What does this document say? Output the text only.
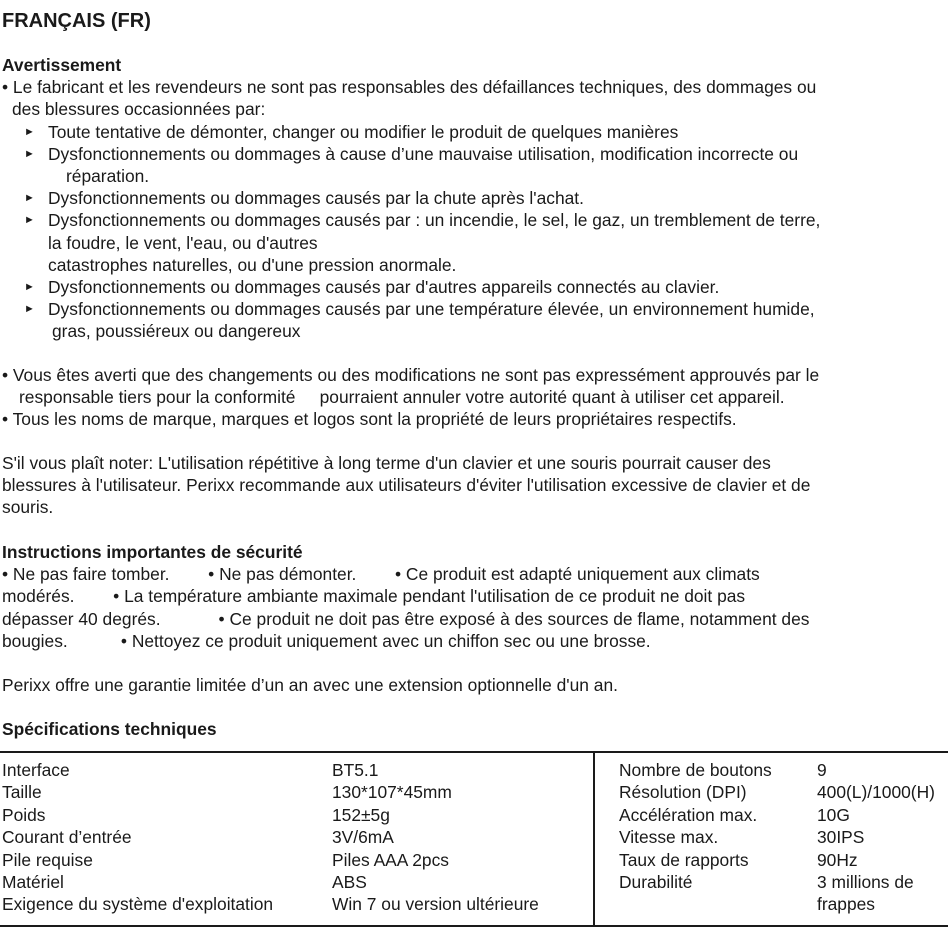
FRANÇAIS (FR)
Avertissement
• Le fabricant et les revendeurs ne sont pas responsables des défaillances techniques, des dommages ou
des blessures occasionnées par:
► Toute tentative de démonter, changer ou modifier le produit de quelques manières
► Dysfonctionnements ou dommages à cause d’une mauvaise utilisation, modification incorrecte ou
réparation.
► Dysfonctionnements ou dommages causés par la chute après l'achat.
► Dysfonctionnements ou dommages causés par : un incendie, le sel, le gaz, un tremblement de terre,
la foudre, le vent, l'eau, ou d'autres
catastrophes naturelles, ou d'une pression anormale.
► Dysfonctionnements ou dommages causés par d'autres appareils connectés au clavier.
► Dysfonctionnements ou dommages causés par une température élevée, un environnement humide,
gras, poussiéreux ou dangereux
• Vous êtes averti que des changements ou des modifications ne sont pas expressément approuvés par le
responsable tiers pour la conformité     pourraient annuler votre autorité quant à utiliser cet appareil.
• Tous les noms de marque, marques et logos sont la propriété de leurs propriétaires respectifs.
S'il vous plaît noter: L'utilisation répétitive à long terme d'un clavier et une souris pourrait causer des
blessures à l'utilisateur. Perixx recommande aux utilisateurs d'éviter l'utilisation excessive de clavier et de
souris.
Instructions importantes de sécurité
• Ne pas faire tomber.        • Ne pas démonter.        • Ce produit est adapté uniquement aux climats
modérés.        • La température ambiante maximale pendant l'utilisation de ce produit ne doit pas
dépasser 40 degrés.            • Ce produit ne doit pas être exposé à des sources de flame, notamment des
bougies.           • Nettoyez ce produit uniquement avec un chiffon sec ou une brosse.
Perixx offre une garantie limitée d’un an avec une extension optionnelle d'un an.
Spécifications techniques
Interface
Taille
Poids
Courant d’entrée
Pile requise
Matériel
Exigence du système d'exploitation
BT5.1
130*107*45mm
152±5g
3V/6mA
Piles AAA 2pcs
ABS
Win 7 ou version ultérieure
Nombre de boutons
Résolution (DPI)
Accélération max.
Vitesse max.
Taux de rapports
Durabilité
9
400(L)/1000(H)
10G
30IPS
90Hz
3 millions de
frappes
